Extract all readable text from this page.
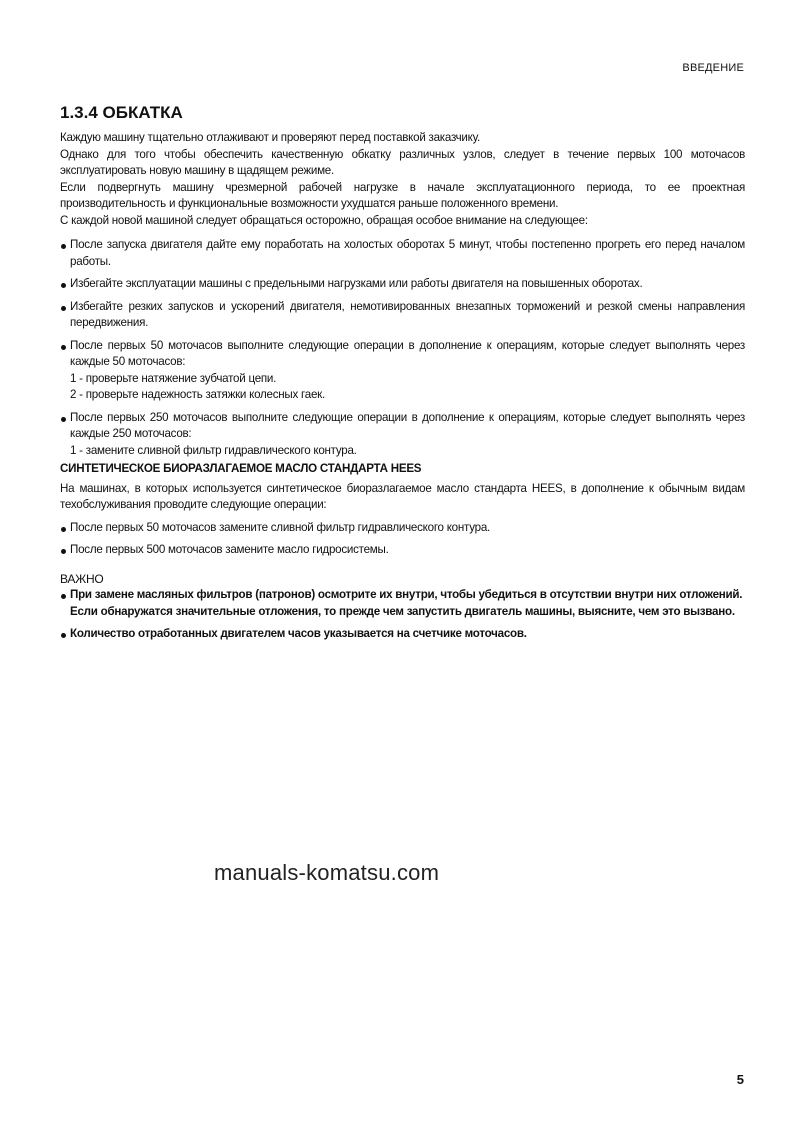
ВВЕДЕНИЕ
1.3.4 ОБКАТКА

Каждую машину тщательно отлаживают и проверяют перед поставкой заказчику.

Однако для того чтобы обеспечить качественную обкатку различных узлов, следует в течение первых 100 моточасов эксплуатировать новую машину в щадящем режиме.

Если подвергнуть машину чрезмерной рабочей нагрузке в начале эксплуатационного периода, то ее проектная производительность и функциональные возможности ухудшатся раньше положенного времени.

С каждой новой машиной следует обращаться осторожно, обращая особое внимание на следующее:

После запуска двигателя дайте ему поработать на холостых оборотах 5 минут, чтобы постепенно прогреть его перед началом работы.
Избегайте эксплуатации машины с предельными нагрузками или работы двигателя на повышенных оборотах.
Избегайте резких запусков и ускорений двигателя, немотивированных внезапных торможений и резкой смены направления передвижения.
После первых 50 моточасов выполните следующие операции в дополнение к операциям, которые следует выполнять через каждые 50 моточасов:
1 - проверьте натяжение зубчатой цепи.
2 - проверьте надежность затяжки колесных гаек.
После первых 250 моточасов выполните следующие операции в дополнение к операциям, которые следует выполнять через каждые 250 моточасов:
1 - замените сливной фильтр гидравлического контура.
СИНТЕТИЧЕСКОЕ БИОРАЗЛАГАЕМОЕ МАСЛО СТАНДАРТА HEES

На машинах, в которых используется синтетическое биоразлагаемое масло стандарта HEES, в дополнение к обычным видам техобслуживания проводите следующие операции:

После первых 50 моточасов замените сливной фильтр гидравлического контура.
После первых 500 моточасов замените масло гидросистемы.
ВАЖНО
При замене масляных фильтров (патронов) осмотрите их внутри, чтобы убедиться в отсутствии внутри них отложений.
Если обнаружатся значительные отложения, то прежде чем запустить двигатель машины, выясните, чем это вызвано.
Количество отработанных двигателем часов указывается на счетчике моточасов.
manuals-komatsu.com
5
